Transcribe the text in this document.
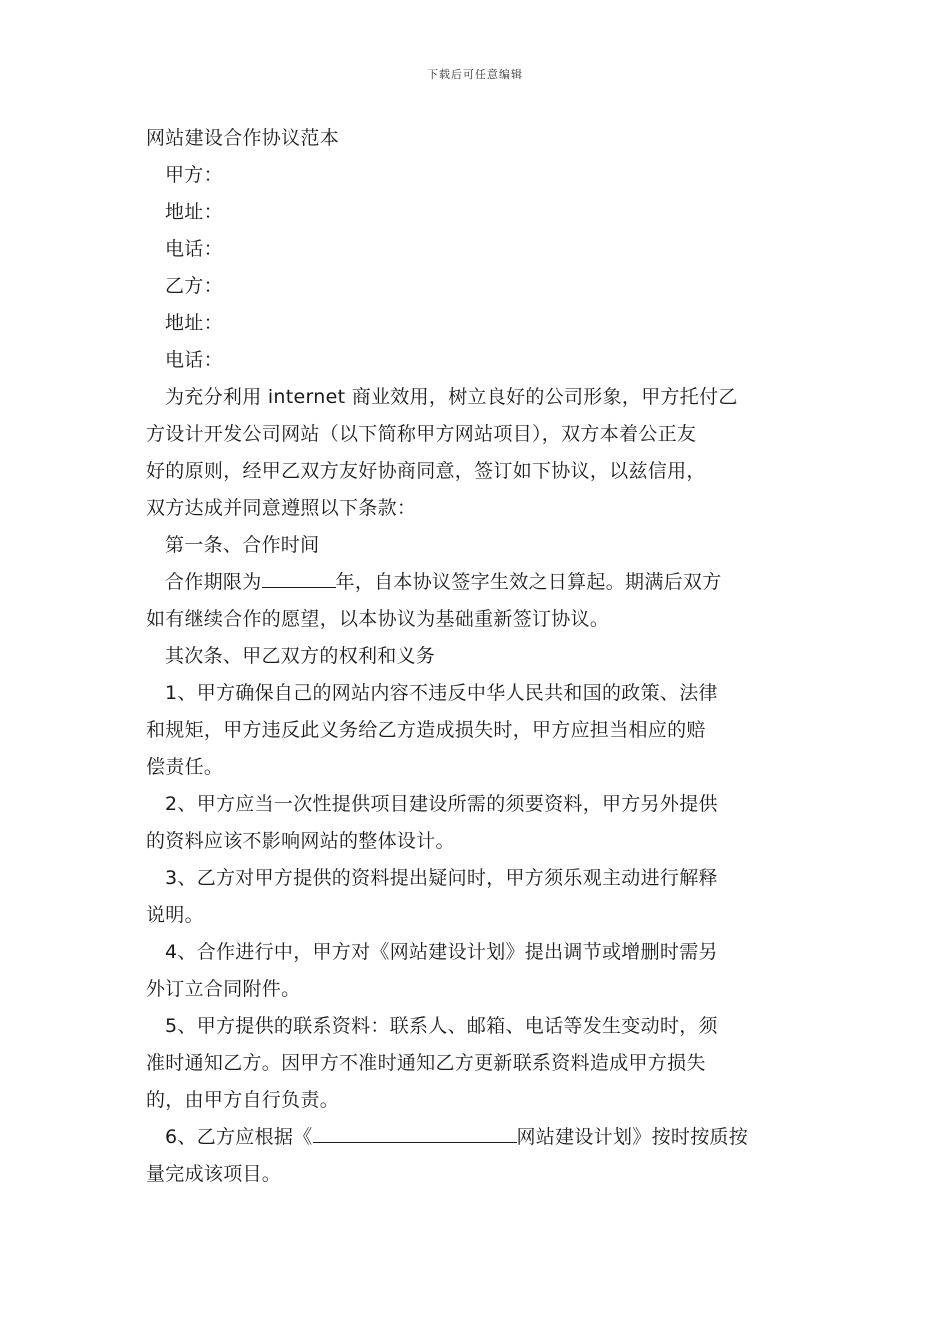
下载后可任意编辑
网站建设合作协议范本
甲方：
地址：
电话：
乙方：
地址：
电话：
为充分利用 internet 商业效用，树立良好的公司形象，甲方托付乙
方设计开发公司网站（以下简称甲方网站项目），双方本着公正友
好的原则，经甲乙双方友好协商同意，签订如下协议，以兹信用，
双方达成并同意遵照以下条款：
第一条、合作时间
合作期限为	年，自本协议签字生效之日算起。期满后双方
如有继续合作的愿望，以本协议为基础重新签订协议。
其次条、甲乙双方的权利和义务
1、甲方确保自己的网站内容不违反中华人民共和国的政策、法律
和规矩，甲方违反此义务给乙方造成损失时，甲方应担当相应的赔
偿责任。
2、甲方应当一次性提供项目建设所需的须要资料，甲方另外提供
的资料应该不影响网站的整体设计。
3、乙方对甲方提供的资料提出疑问时，甲方须乐观主动进行解释
说明。
4、合作进行中，甲方对《网站建设计划》提出调节或增删时需另
外订立合同附件。
5、甲方提供的联系资料：联系人、邮箱、电话等发生变动时，须
准时通知乙方。因甲方不准时通知乙方更新联系资料造成甲方损失
的，由甲方自行负责。
6、乙方应根据《	网站建设计划》按时按质按
量完成该项目。
